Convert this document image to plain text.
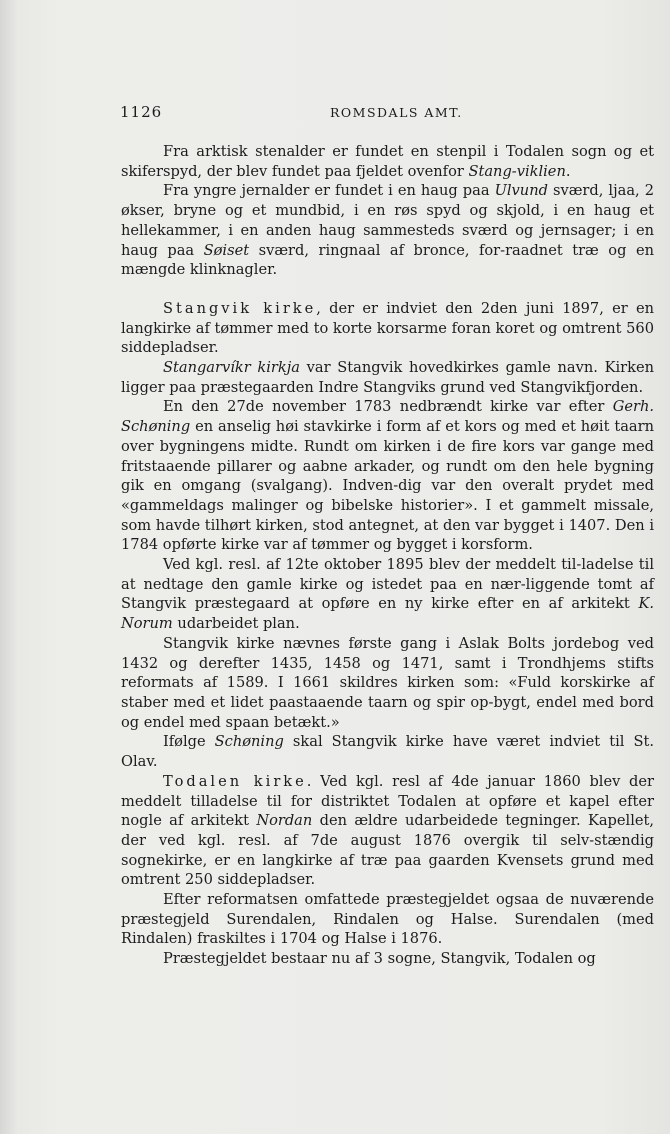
1126	ROMSDALS AMT.

Fra arktisk stenalder er fundet en stenpil i Todalen sogn og et skiferspyd, der blev fundet paa fjeldet ovenfor Stang-viklien.

Fra yngre jernalder er fundet i en haug paa Ulvund sværd, ljaa, 2 økser, bryne og et mundbid, i en røs spyd og skjold, i en haug et hellekammer, i en anden haug sammesteds sværd og jernsager; i en haug paa Søiset sværd, ringnaal af bronce, for-raadnet træ og en mængde klinknagler.

Stangvik kirke, der er indviet den 2den juni 1897, er en langkirke af tømmer med to korte korsarme foran koret og omtrent 560 siddepladser.

Stangarvíkr kirkja var Stangvik hovedkirkes gamle navn. Kirken ligger paa præstegaarden Indre Stangviks grund ved Stangvikfjorden.

En den 27de november 1783 nedbrændt kirke var efter Gerh. Schøning en anselig høi stavkirke i form af et kors og med et høit taarn over bygningens midte. Rundt om kirken i de fire kors var gange med fritstaaende pillarer og aabne arkader, og rundt om den hele bygning gik en omgang (svalgang). Indven-dig var den overalt prydet med «gammeldags malinger og bibelske historier». I et gammelt missale, som havde tilhørt kirken, stod antegnet, at den var bygget i 1407. Den i 1784 opførte kirke var af tømmer og bygget i korsform.

Ved kgl. resl. af 12te oktober 1895 blev der meddelt til-ladelse til at nedtage den gamle kirke og istedet paa en nær-liggende tomt af Stangvik præstegaard at opføre en ny kirke efter en af arkitekt K. Norum udarbeidet plan.

Stangvik kirke nævnes første gang i Aslak Bolts jordebog ved 1432 og derefter 1435, 1458 og 1471, samt i Trondhjems stifts reformats af 1589. I 1661 skildres kirken som: «Fuld korskirke af staber med et lidet paastaaende taarn og spir op-bygt, endel med bord og endel med spaan betækt.»

Ifølge Schøning skal Stangvik kirke have været indviet til St. Olav.

Todalen kirke. Ved kgl. resl af 4de januar 1860 blev der meddelt tilladelse til for distriktet Todalen at opføre et kapel efter nogle af arkitekt Nordan den ældre udarbeidede tegninger. Kapellet, der ved kgl. resl. af 7de august 1876 overgik til selv-stændig sognekirke, er en langkirke af træ paa gaarden Kvensets grund med omtrent 250 siddepladser.

Efter reformatsen omfattede præstegjeldet ogsaa de nuværende præstegjeld Surendalen, Rindalen og Halse. Surendalen (med Rindalen) fraskiltes i 1704 og Halse i 1876.

Præstegjeldet bestaar nu af 3 sogne, Stangvik, Todalen og
